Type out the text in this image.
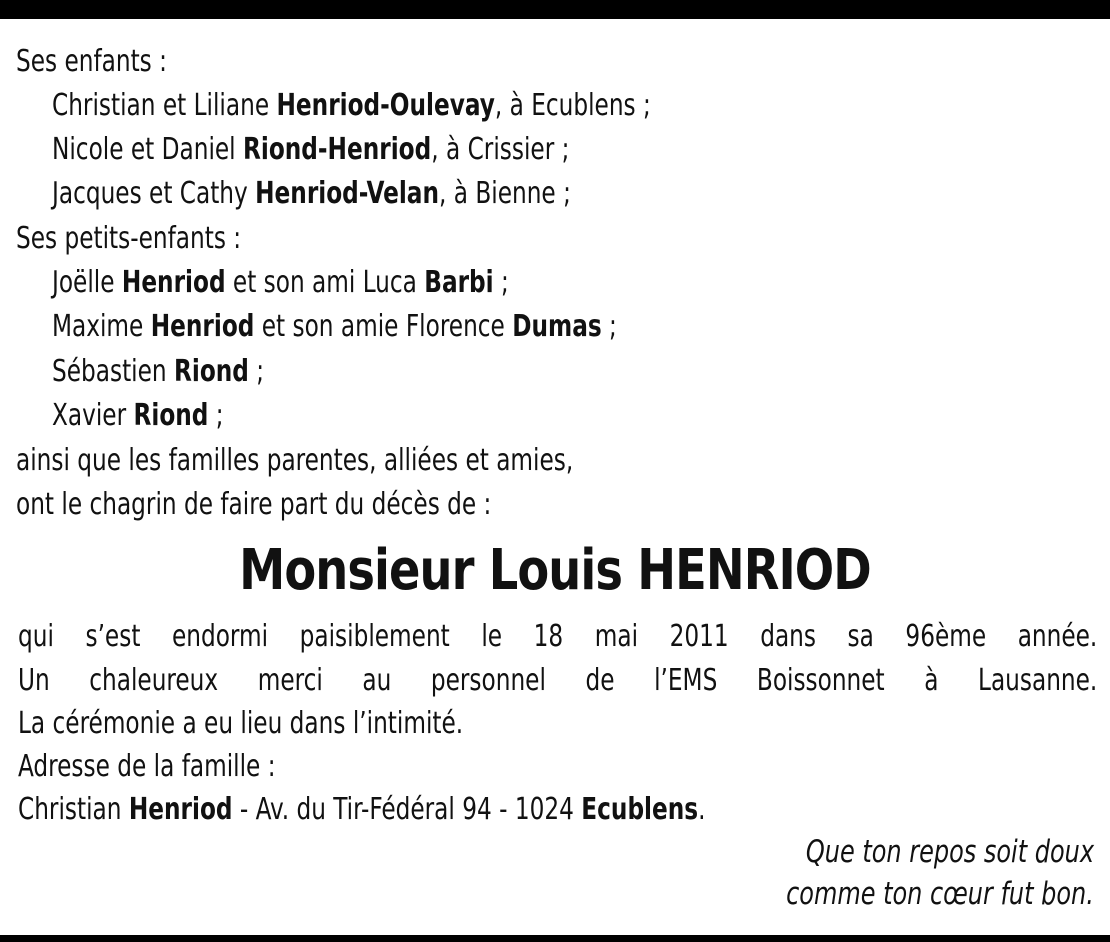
Ses enfants :
Christian et Liliane Henriod-Oulevay, à Ecublens ;
Nicole et Daniel Riond-Henriod, à Crissier ;
Jacques et Cathy Henriod-Velan, à Bienne ;
Ses petits-enfants :
Joëlle Henriod et son ami Luca Barbi ;
Maxime Henriod et son amie Florence Dumas ;
Sébastien Riond ;
Xavier Riond ;
ainsi que les familles parentes, alliées et amies,
ont le chagrin de faire part du décès de :
Monsieur Louis HENRIOD
qui s’est endormi paisiblement le 18 mai 2011 dans sa 96ème année.
Un chaleureux merci au personnel de l’EMS Boissonnet à Lausanne.
La cérémonie a eu lieu dans l’intimité.
Adresse de la famille :
Christian Henriod - Av. du Tir-Fédéral 94 - 1024 Ecublens.
Que ton repos soit doux
comme ton cœur fut bon.
